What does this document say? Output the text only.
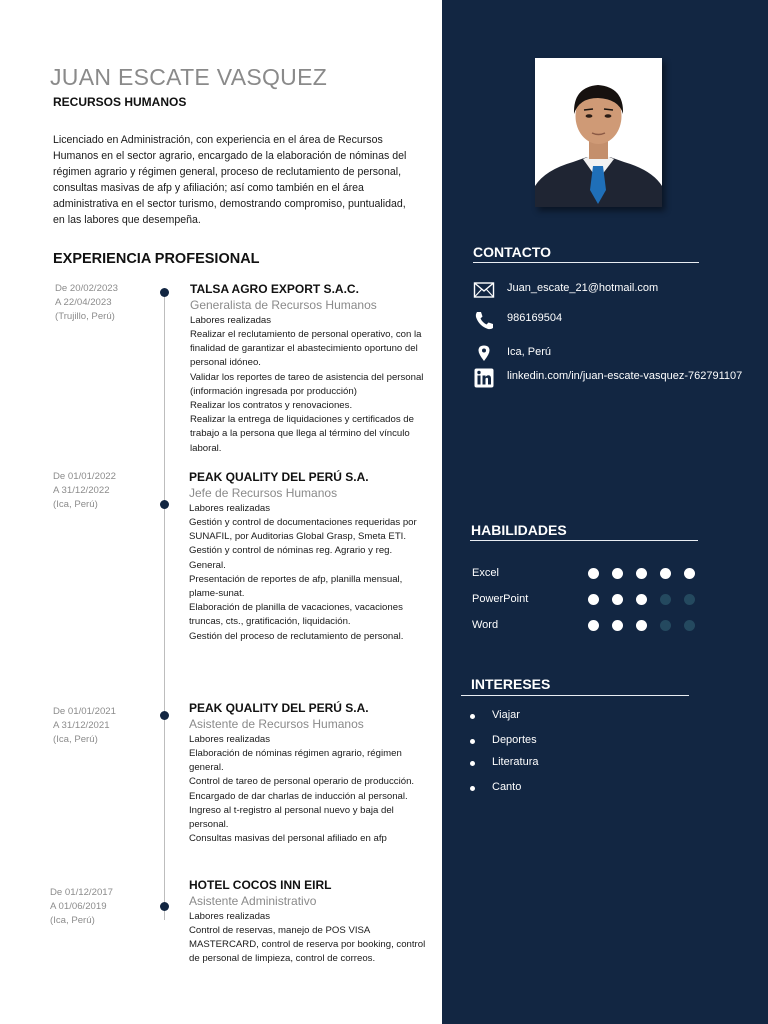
JUAN ESCATE VASQUEZ
RECURSOS HUMANOS
Licenciado en Administración, con experiencia en el área de Recursos Humanos en el sector agrario, encargado de la elaboración de nóminas del régimen agrario y régimen general, proceso de reclutamiento de personal, consultas masivas de afp y afiliación; así como también en el área administrativa en el sector turismo, demostrando compromiso, puntualidad, en las labores que desempeña.
EXPERIENCIA PROFESIONAL
De 20/02/2023
A 22/04/2023
(Trujillo, Perú)
TALSA AGRO EXPORT S.A.C.
Generalista de Recursos Humanos
Labores realizadas
Realizar el reclutamiento de personal operativo, con la finalidad de garantizar el abastecimiento oportuno del personal idóneo.
Validar los reportes de tareo de asistencia del personal (información ingresada por producción)
Realizar los contratos y renovaciones.
Realizar la entrega de liquidaciones y certificados de trabajo a la persona que llega al término del vínculo laboral.
De 01/01/2022
A 31/12/2022
(Ica, Perú)
PEAK QUALITY DEL PERÚ S.A.
Jefe de Recursos Humanos
Labores realizadas
Gestión y control de documentaciones requeridas por SUNAFIL, por Auditorias Global Grasp, Smeta ETI.
Gestión y control de nóminas reg. Agrario y reg. General.
Presentación de reportes de afp, planilla mensual, plame-sunat.
Elaboración de planilla de vacaciones, vacaciones truncas, cts., gratificación, liquidación.
Gestión del proceso de reclutamiento de personal.
De 01/01/2021
A 31/12/2021
(Ica, Perú)
PEAK QUALITY DEL PERÚ S.A.
Asistente de Recursos Humanos
Labores realizadas
Elaboración de nóminas régimen agrario, régimen general.
Control de tareo de personal operario de producción.
Encargado de dar charlas de inducción al personal.
Ingreso al t-registro al personal nuevo y baja del personal.
Consultas masivas del personal afiliado en afp
De 01/12/2017
A 01/06/2019
(Ica, Perú)
HOTEL COCOS INN EIRL
Asistente Administrativo
Labores realizadas
Control de reservas, manejo de POS VISA MASTERCARD, control de reserva por booking, control de personal de limpieza, control de correos.
CONTACTO
Juan_escate_21@hotmail.com
986169504
Ica, Perú
linkedin.com/in/juan-escate-vasquez-762791107
HABILIDADES
Excel
PowerPoint
Word
INTERESES
Viajar
Deportes
Literatura
Canto
